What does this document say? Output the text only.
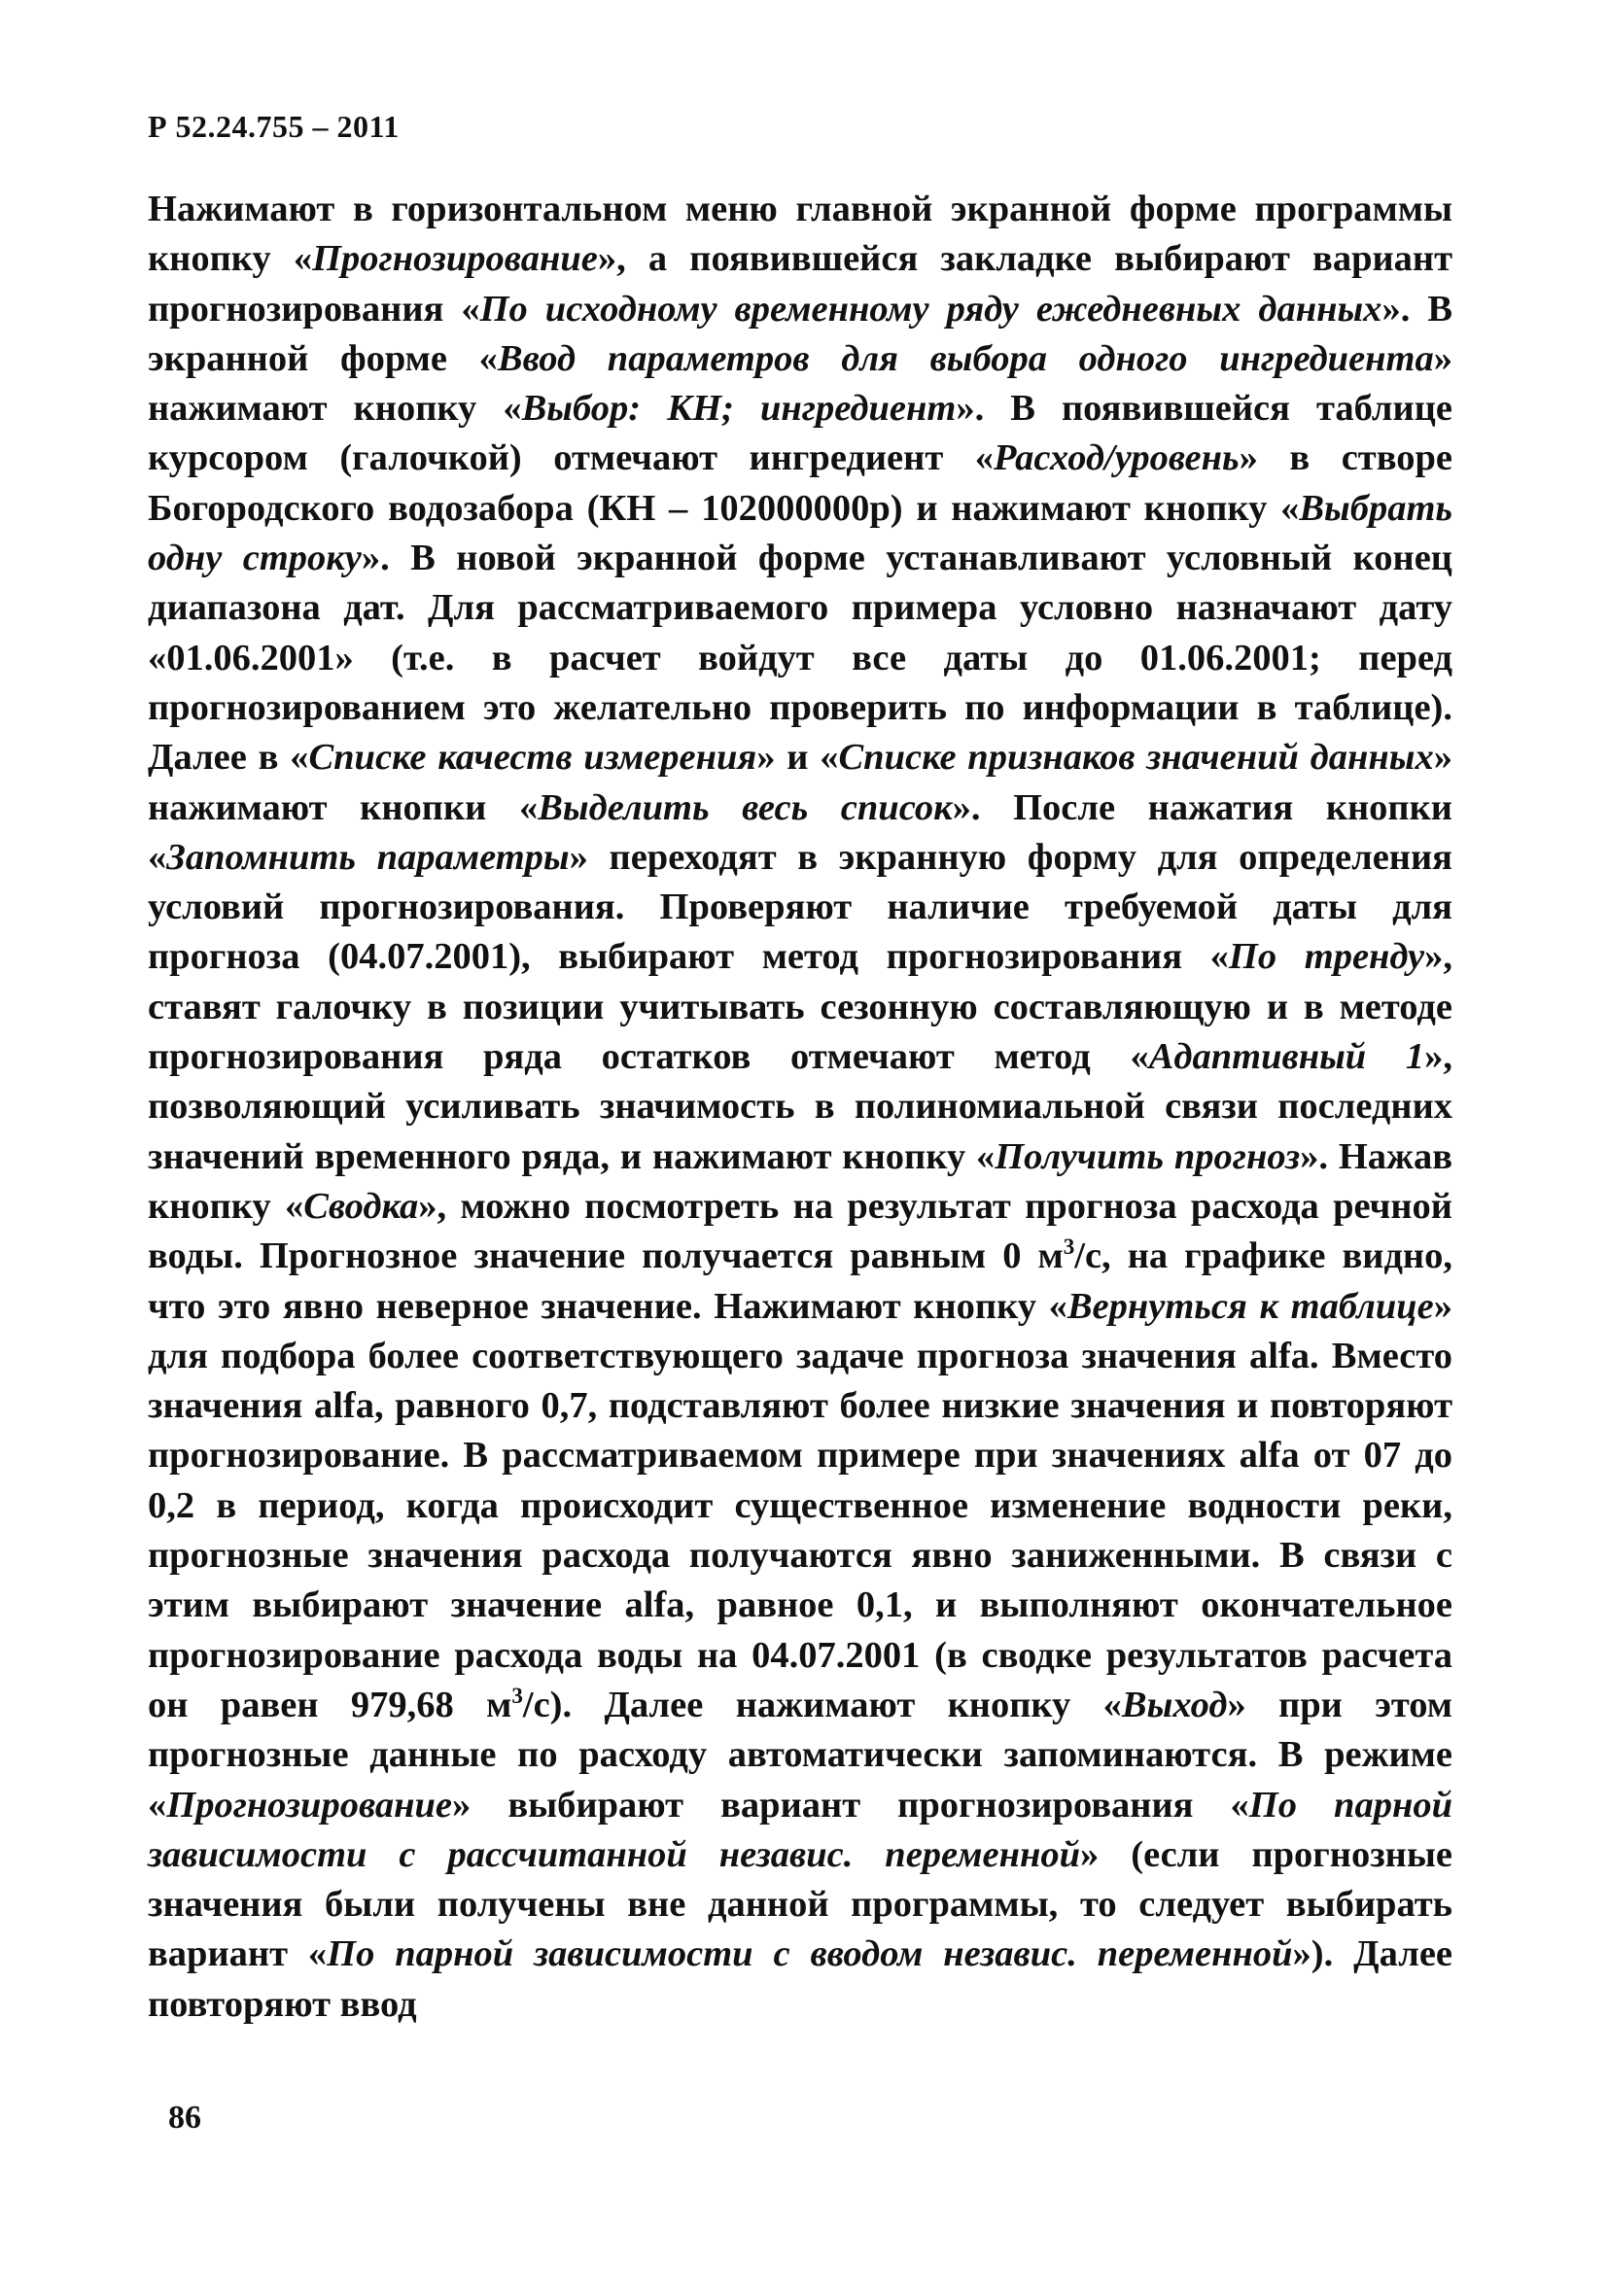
Р 52.24.755 – 2011

Нажимают в горизонтальном меню главной экранной форме программы кнопку «Прогнозирование», а появившейся закладке выбирают вариант прогнозирования «По исходному временному ряду ежедневных данных». В экранной форме «Ввод параметров для выбора одного ингредиента» нажимают кнопку «Выбор: КН; ингредиент». В появившейся таблице курсором (галочкой) отмечают ингредиент «Расход/уровень» в створе Богородского водозабора (КН – 102000000р) и нажимают кнопку «Выбрать одну строку». В новой экранной форме устанавливают условный конец диапазона дат. Для рассматриваемого примера условно назначают дату «01.06.2001» (т.е. в расчет войдут все даты до 01.06.2001; перед прогнозированием это желательно проверить по информации в таблице). Далее в «Списке качеств измерения» и «Списке признаков значений данных» нажимают кнопки «Выделить весь список». После нажатия кнопки «Запомнить параметры» переходят в экранную форму для определения условий прогнозирования. Проверяют наличие требуемой даты для прогноза (04.07.2001), выбирают метод прогнозирования «По тренду», ставят галочку в позиции учитывать сезонную составляющую и в методе прогнозирования ряда остатков отмечают метод «Адаптивный 1», позволяющий усиливать значимость в полиномиальной связи последних значений временного ряда, и нажимают кнопку «Получить прогноз». Нажав кнопку «Сводка», можно посмотреть на результат прогноза расхода речной воды. Прогнозное значение получается равным 0 $м^3/с$, на графике видно, что это явно неверное значение. Нажимают кнопку «Вернуться к таблице» для подбора более соответствующего задаче прогноза значения alfa. Вместо значения alfa, равного 0,7, подставляют более низкие значения и повторяют прогнозирование. В рассматриваемом примере при значениях alfa от 07 до 0,2 в период, когда происходит существенное изменение водности реки, прогнозные значения расхода получаются явно заниженными. В связи с этим выбирают значение alfa, равное 0,1, и выполняют окончательное прогнозирование расхода воды на 04.07.2001 (в сводке результатов расчета он равен 979,68 $м^3/с$). Далее нажимают кнопку «Выход» при этом прогнозные данные по расходу автоматически запоминаются. В режиме «Прогнозирование» выбирают вариант прогнозирования «По парной зависимости с рассчитанной независ. переменной» (если прогнозные значения были получены вне данной программы, то следует выбирать вариант «По парной зависимости с вводом независ. переменной»). Далее повторяют ввод

86
